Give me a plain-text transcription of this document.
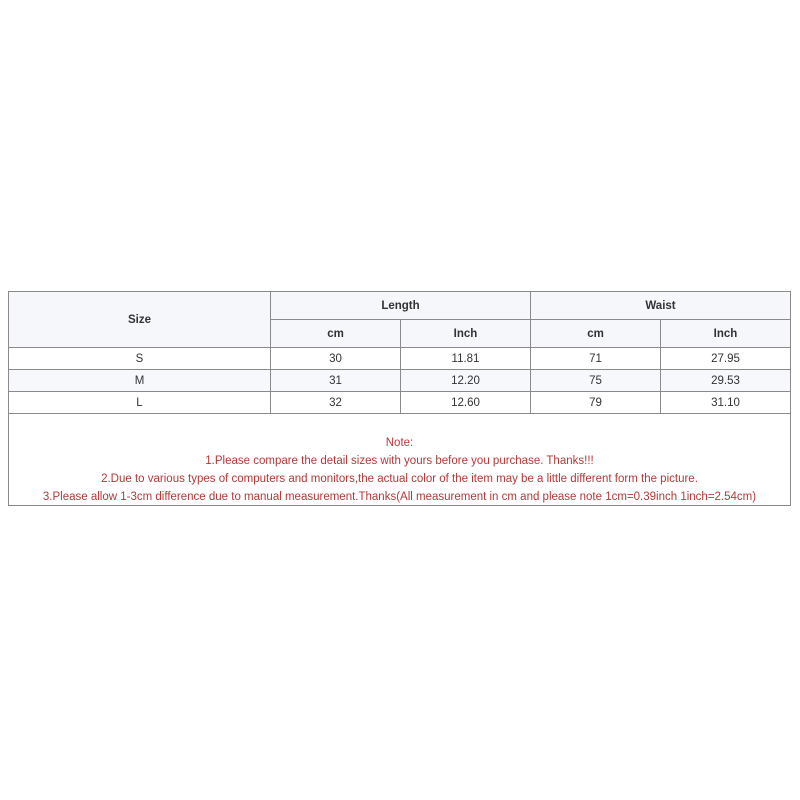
Size	Length		Waist	
	cm	Inch	cm	Inch
S	30	11.81	71	27.95
M	31	12.20	75	29.53
L	32	12.60	79	31.10
Note:
1.Please compare the detail sizes with yours before you purchase. Thanks!!!
2.Due to various types of computers and monitors,the actual color of the item may be a little different form the picture.
3.Please allow 1-3cm difference due to manual measurement.Thanks(All measurement in cm and please note 1cm=0.39inch 1inch=2.54cm)
